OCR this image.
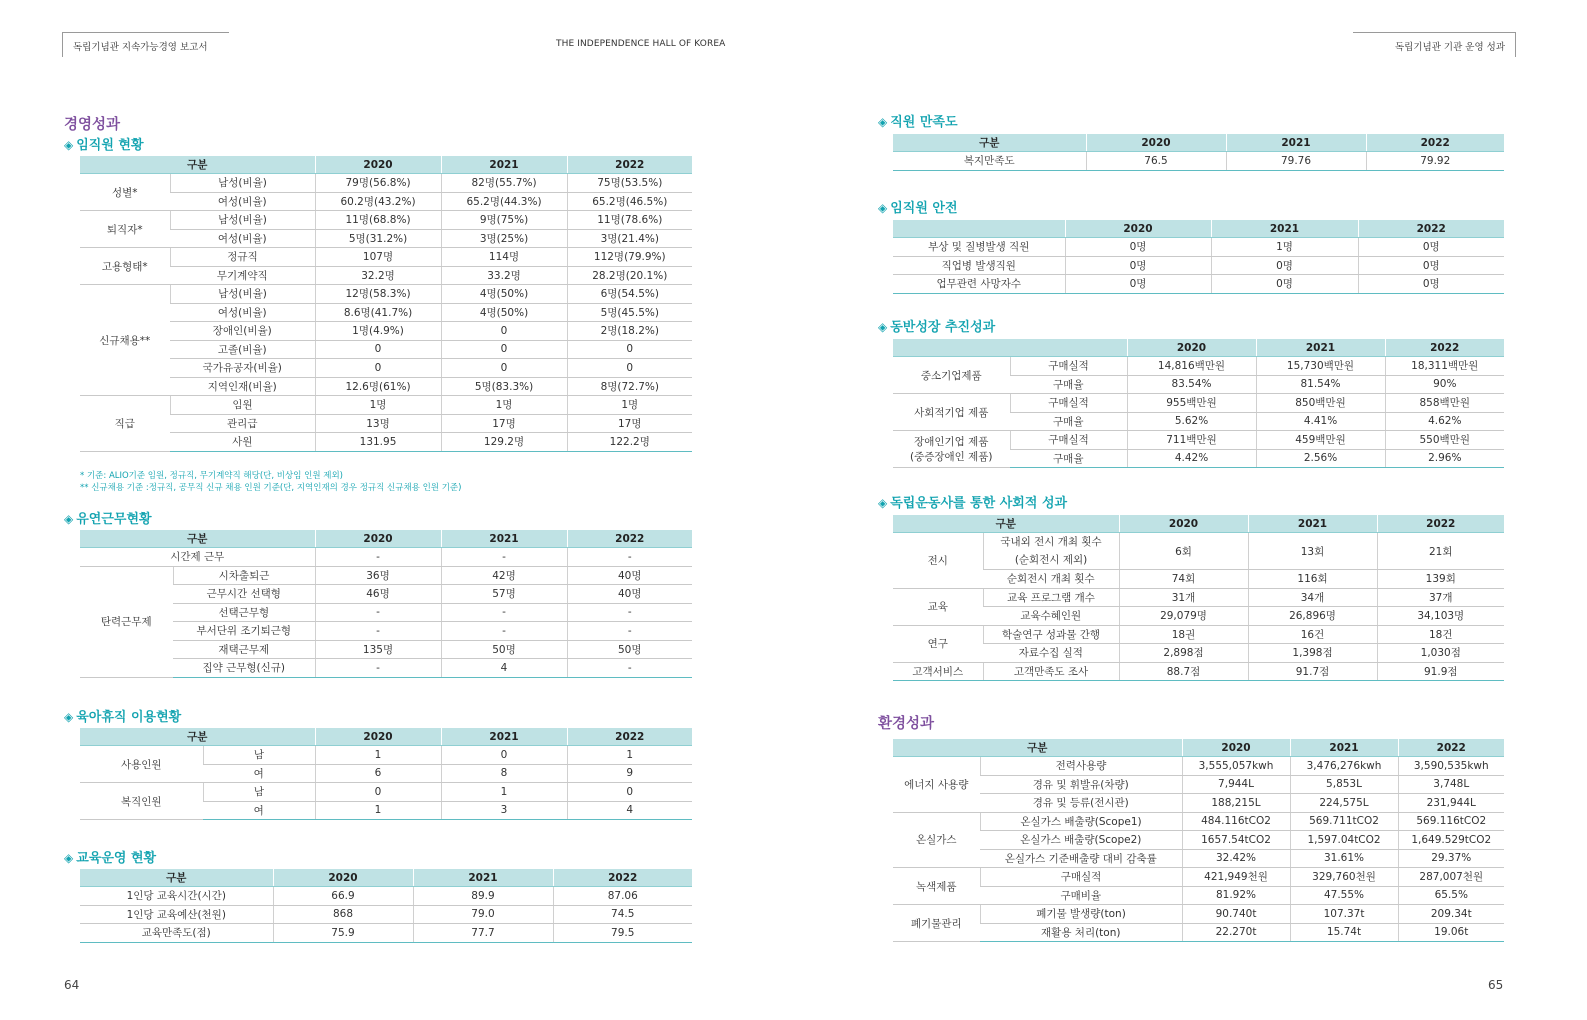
독립기념관 지속가능경영 보고서	THE INDEPENDENCE HALL OF KOREA	독립기념관 기관 운영 성과
경영성과
◈ 임직원 현황
구분		2020	2021	2022
성별*	남성(비율)	79명(56.8%)	82명(55.7%)	75명(53.5%)
	여성(비율)	60.2명(43.2%)	65.2명(44.3%)	65.2명(46.5%)
퇴직자*	남성(비율)	11명(68.8%)	9명(75%)	11명(78.6%)
	여성(비율)	5명(31.2%)	3명(25%)	3명(21.4%)
고용형태*	정규직	107명	114명	112명(79.9%)
	무기계약직	32.2명	33.2명	28.2명(20.1%)
신규채용**	남성(비율)	12명(58.3%)	4명(50%)	6명(54.5%)
	여성(비율)	8.6명(41.7%)	4명(50%)	5명(45.5%)
	장애인(비율)	1명(4.9%)	0	2명(18.2%)
	고졸(비율)	0	0	0
	국가유공자(비율)	0	0	0
	지역인재(비율)	12.6명(61%)	5명(83.3%)	8명(72.7%)
직급	임원	1명	1명	1명
	관리급	13명	17명	17명
	사원	131.95	129.2명	122.2명
* 기준: ALIO기준 임원, 정규직, 무기계약직 해당(단, 비상임 인원 제외)
** 신규채용 기준 :정규직, 공무직 신규 채용 인원 기준(단, 지역인재의 경우 정규직 신규채용 인원 기준)
◈ 유연근무현황
구분		2020	2021	2022
시간제 근무		-	-	-
탄력근무제	시차출퇴근	36명	42명	40명
	근무시간 선택형	46명	57명	40명
	선택근무형	-	-	-
	부서단위 조기퇴근형	-	-	-
	재택근무제	135명	50명	50명
	집약 근무형(신규)	-	4	-
◈ 육아휴직 이용현황
구분		2020	2021	2022
사용인원	남	1	0	1
	여	6	8	9
복직인원	남	0	1	0
	여	1	3	4
◈ 교육운영 현황
구분	2020	2021	2022
1인당 교육시간(시간)	66.9	89.9	87.06
1인당 교육예산(천원)	868	79.0	74.5
교육만족도(점)	75.9	77.7	79.5
64
◈ 직원 만족도
구분	2020	2021	2022
복지만족도	76.5	79.76	79.92
◈ 임직원 안전
	2020	2021	2022
부상 및 질병발생 직원	0명	1명	0명
직업병 발생직원	0명	0명	0명
업무관련 사망자수	0명	0명	0명
◈ 동반성장 추진성과
		2020	2021	2022
중소기업제품	구매실적	14,816백만원	15,730백만원	18,311백만원
	구매율	83.54%	81.54%	90%
사회적기업 제품	구매실적	955백만원	850백만원	858백만원
	구매율	5.62%	4.41%	4.62%

장애인기업 제품
(중증장애인 제품)	구매실적	711백만원	459백만원	550백만원
	구매율	4.42%	2.56%	2.96%
◈ 독립운동사를 통한 사회적 성과
구분		2020	2021	2022
전시	국내외 전시 개최 횟수
(순회전시 제외)	6회	13회	21회
	순회전시 개최 횟수	74회	116회	139회
교육	교육 프로그램 개수	31개	34개	37개
	교육수혜인원	29,079명	26,896명	34,103명
연구	학술연구 성과물 간행	18권	16건	18건
	자료수집 실적	2,898점	1,398점	1,030점
고객서비스	고객만족도 조사	88.7점	91.7점	91.9점
환경성과
구분		2020	2021	2022
에너지 사용량	전력사용량	3,555,057kwh	3,476,276kwh	3,590,535kwh
	경유 및 휘발유(차량)	7,944L	5,853L	3,748L
	경유 및 등류(전시관)	188,215L	224,575L	231,944L
온실가스	온실가스 배출량(Scope1)	484.116tCO2	569.711tCO2	569.116tCO2
	온실가스 배출량(Scope2)	1657.54tCO2	1,597.04tCO2	1,649.529tCO2
	온실가스 기준배출량 대비 감축률	32.42%	31.61%	29.37%
녹색제품	구매실적	421,949천원	329,760천원	287,007천원
	구매비율	81.92%	47.55%	65.5%
폐기물관리	폐기물 발생량(ton)	90.740t	107.37t	209.34t
	재활용 처리(ton)	22.270t	15.74t	19.06t
65
